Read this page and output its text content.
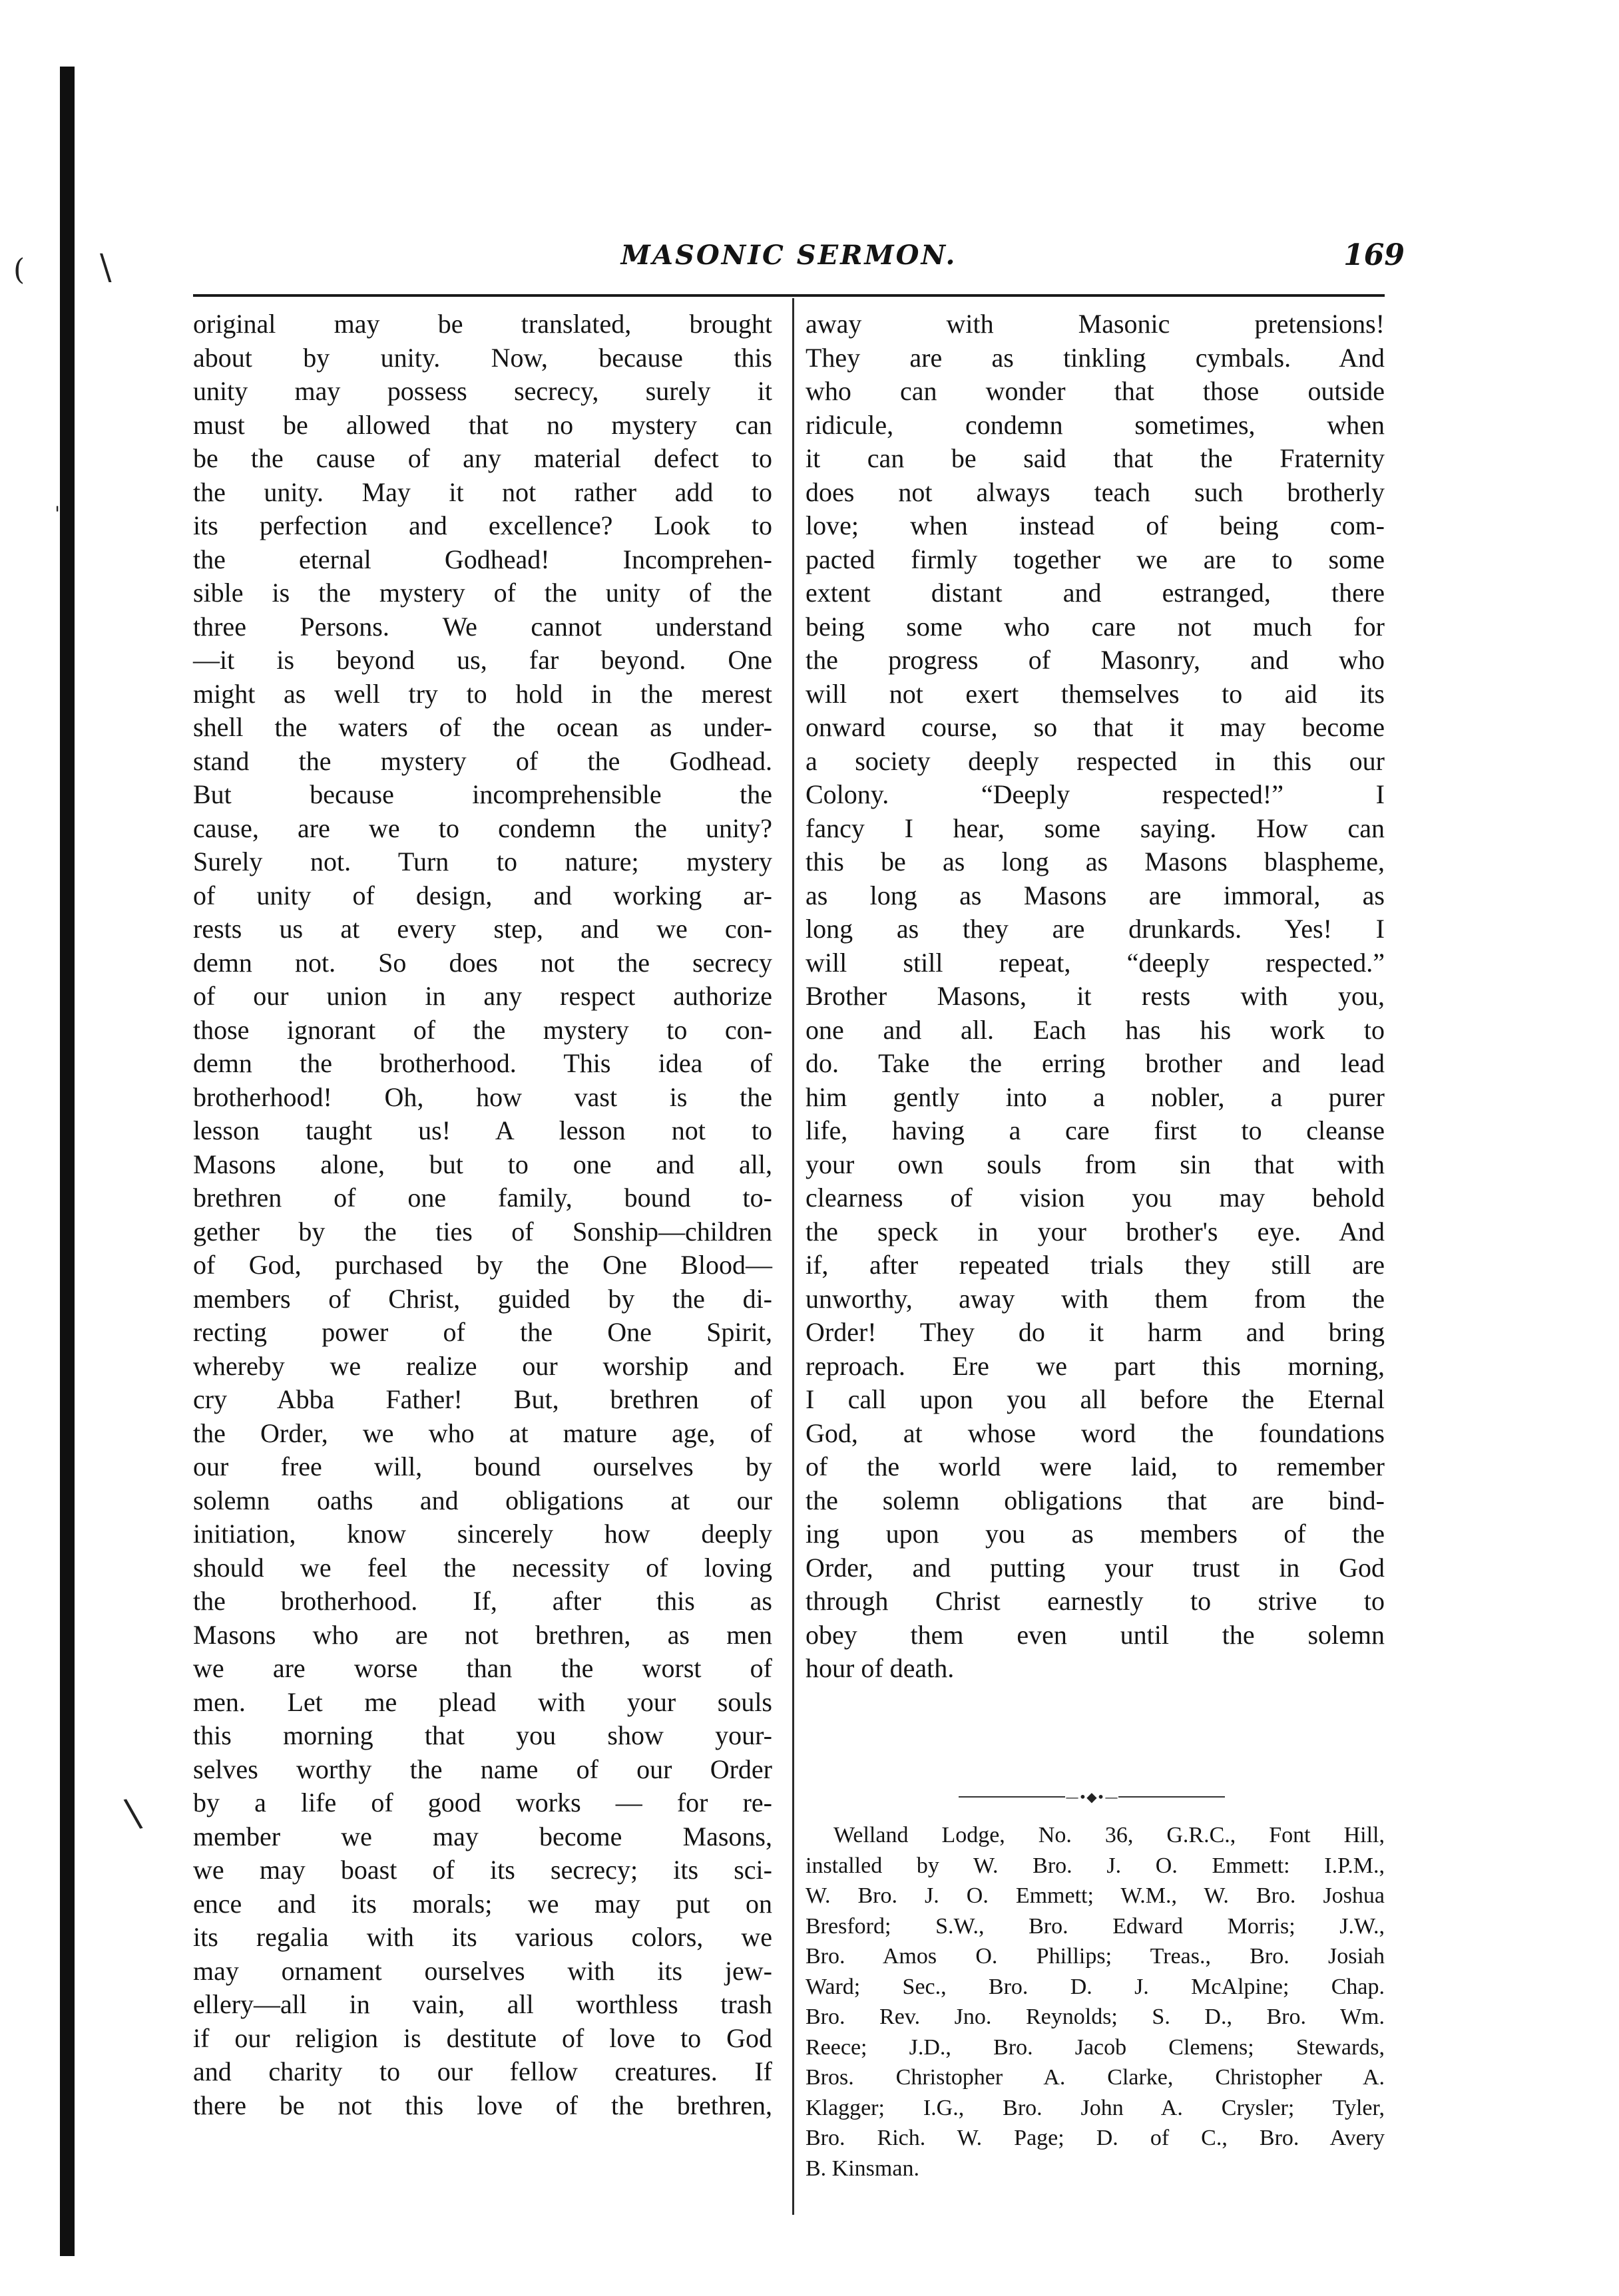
( \
\
'
MASONIC SERMON.	169
original may be translated, brought
about by unity. Now, because this
unity may possess secrecy, surely it
must be allowed that no mystery can
be the cause of any material defect to
the unity. May it not rather add to
its perfection and excellence? Look to
the eternal Godhead! Incomprehen-
sible is the mystery of the unity of the
three Persons. We cannot understand
—it is beyond us, far beyond. One
might as well try to hold in the merest
shell the waters of the ocean as under-
stand the mystery of the Godhead.
But because incomprehensible the
cause, are we to condemn the unity?
Surely not. Turn to nature; mystery
of unity of design, and working ar-
rests us at every step, and we con-
demn not. So does not the secrecy
of our union in any respect authorize
those ignorant of the mystery to con-
demn the brotherhood. This idea of
brotherhood! Oh, how vast is the
lesson taught us! A lesson not to
Masons alone, but to one and all,
brethren of one family, bound to-
gether by the ties of Sonship—children
of God, purchased by the One Blood—
members of Christ, guided by the di-
recting power of the One Spirit,
whereby we realize our worship and
cry Abba Father! But, brethren of
the Order, we who at mature age, of
our free will, bound ourselves by
solemn oaths and obligations at our
initiation, know sincerely how deeply
should we feel the necessity of loving
the brotherhood. If, after this as
Masons who are not brethren, as men
we are worse than the worst of
men. Let me plead with your souls
this morning that you show your-
selves worthy the name of our Order
by a life of good works — for re-
member we may become Masons,
we may boast of its secrecy; its sci-
ence and its morals; we may put on
its regalia with its various colors, we
may ornament ourselves with its jew-
ellery—all in vain, all worthless trash
if our religion is destitute of love to God
and charity to our fellow creatures. If
there be not this love of the brethren,
away with Masonic pretensions!
They are as tinkling cymbals. And
who can wonder that those outside
ridicule, condemn sometimes, when
it can be said that the Fraternity
does not always teach such brotherly
love; when instead of being com-
pacted firmly together we are to some
extent distant and estranged, there
being some who care not much for
the progress of Masonry, and who
will not exert themselves to aid its
onward course, so that it may become
a society deeply respected in this our
Colony. “Deeply respected!” I
fancy I hear, some saying. How can
this be as long as Masons blaspheme,
as long as Masons are immoral, as
long as they are drunkards. Yes! I
will still repeat, “deeply respected.”
Brother Masons, it rests with you,
one and all. Each has his work to
do. Take the erring brother and lead
him gently into a nobler, a purer
life, having a care first to cleanse
your own souls from sin that with
clearness of vision you may behold
the speck in your brother's eye. And
if, after repeated trials they still are
unworthy, away with them from the
Order! They do it harm and bring
reproach. Ere we part this morning,
I call upon you all before the Eternal
God, at whose word the foundations
of the world were laid, to remember
the solemn obligations that are bind-
ing upon you as members of the
Order, and putting your trust in God
through Christ earnestly to strive to
obey them even until the solemn
hour of death.
—•◆•—
Welland Lodge, No. 36, G.R.C., Font Hill,
installed by W. Bro. J. O. Emmett: I.P.M.,
W. Bro. J. O. Emmett; W.M., W. Bro. Joshua
Bresford; S.W., Bro. Edward Morris; J.W.,
Bro. Amos O. Phillips; Treas., Bro. Josiah
Ward; Sec., Bro. D. J. McAlpine; Chap.
Bro. Rev. Jno. Reynolds; S. D., Bro. Wm.
Reece; J.D., Bro. Jacob Clemens; Stewards,
Bros. Christopher A. Clarke, Christopher A.
Klagger; I.G., Bro. John A. Crysler; Tyler,
Bro. Rich. W. Page; D. of C., Bro. Avery
B. Kinsman.
